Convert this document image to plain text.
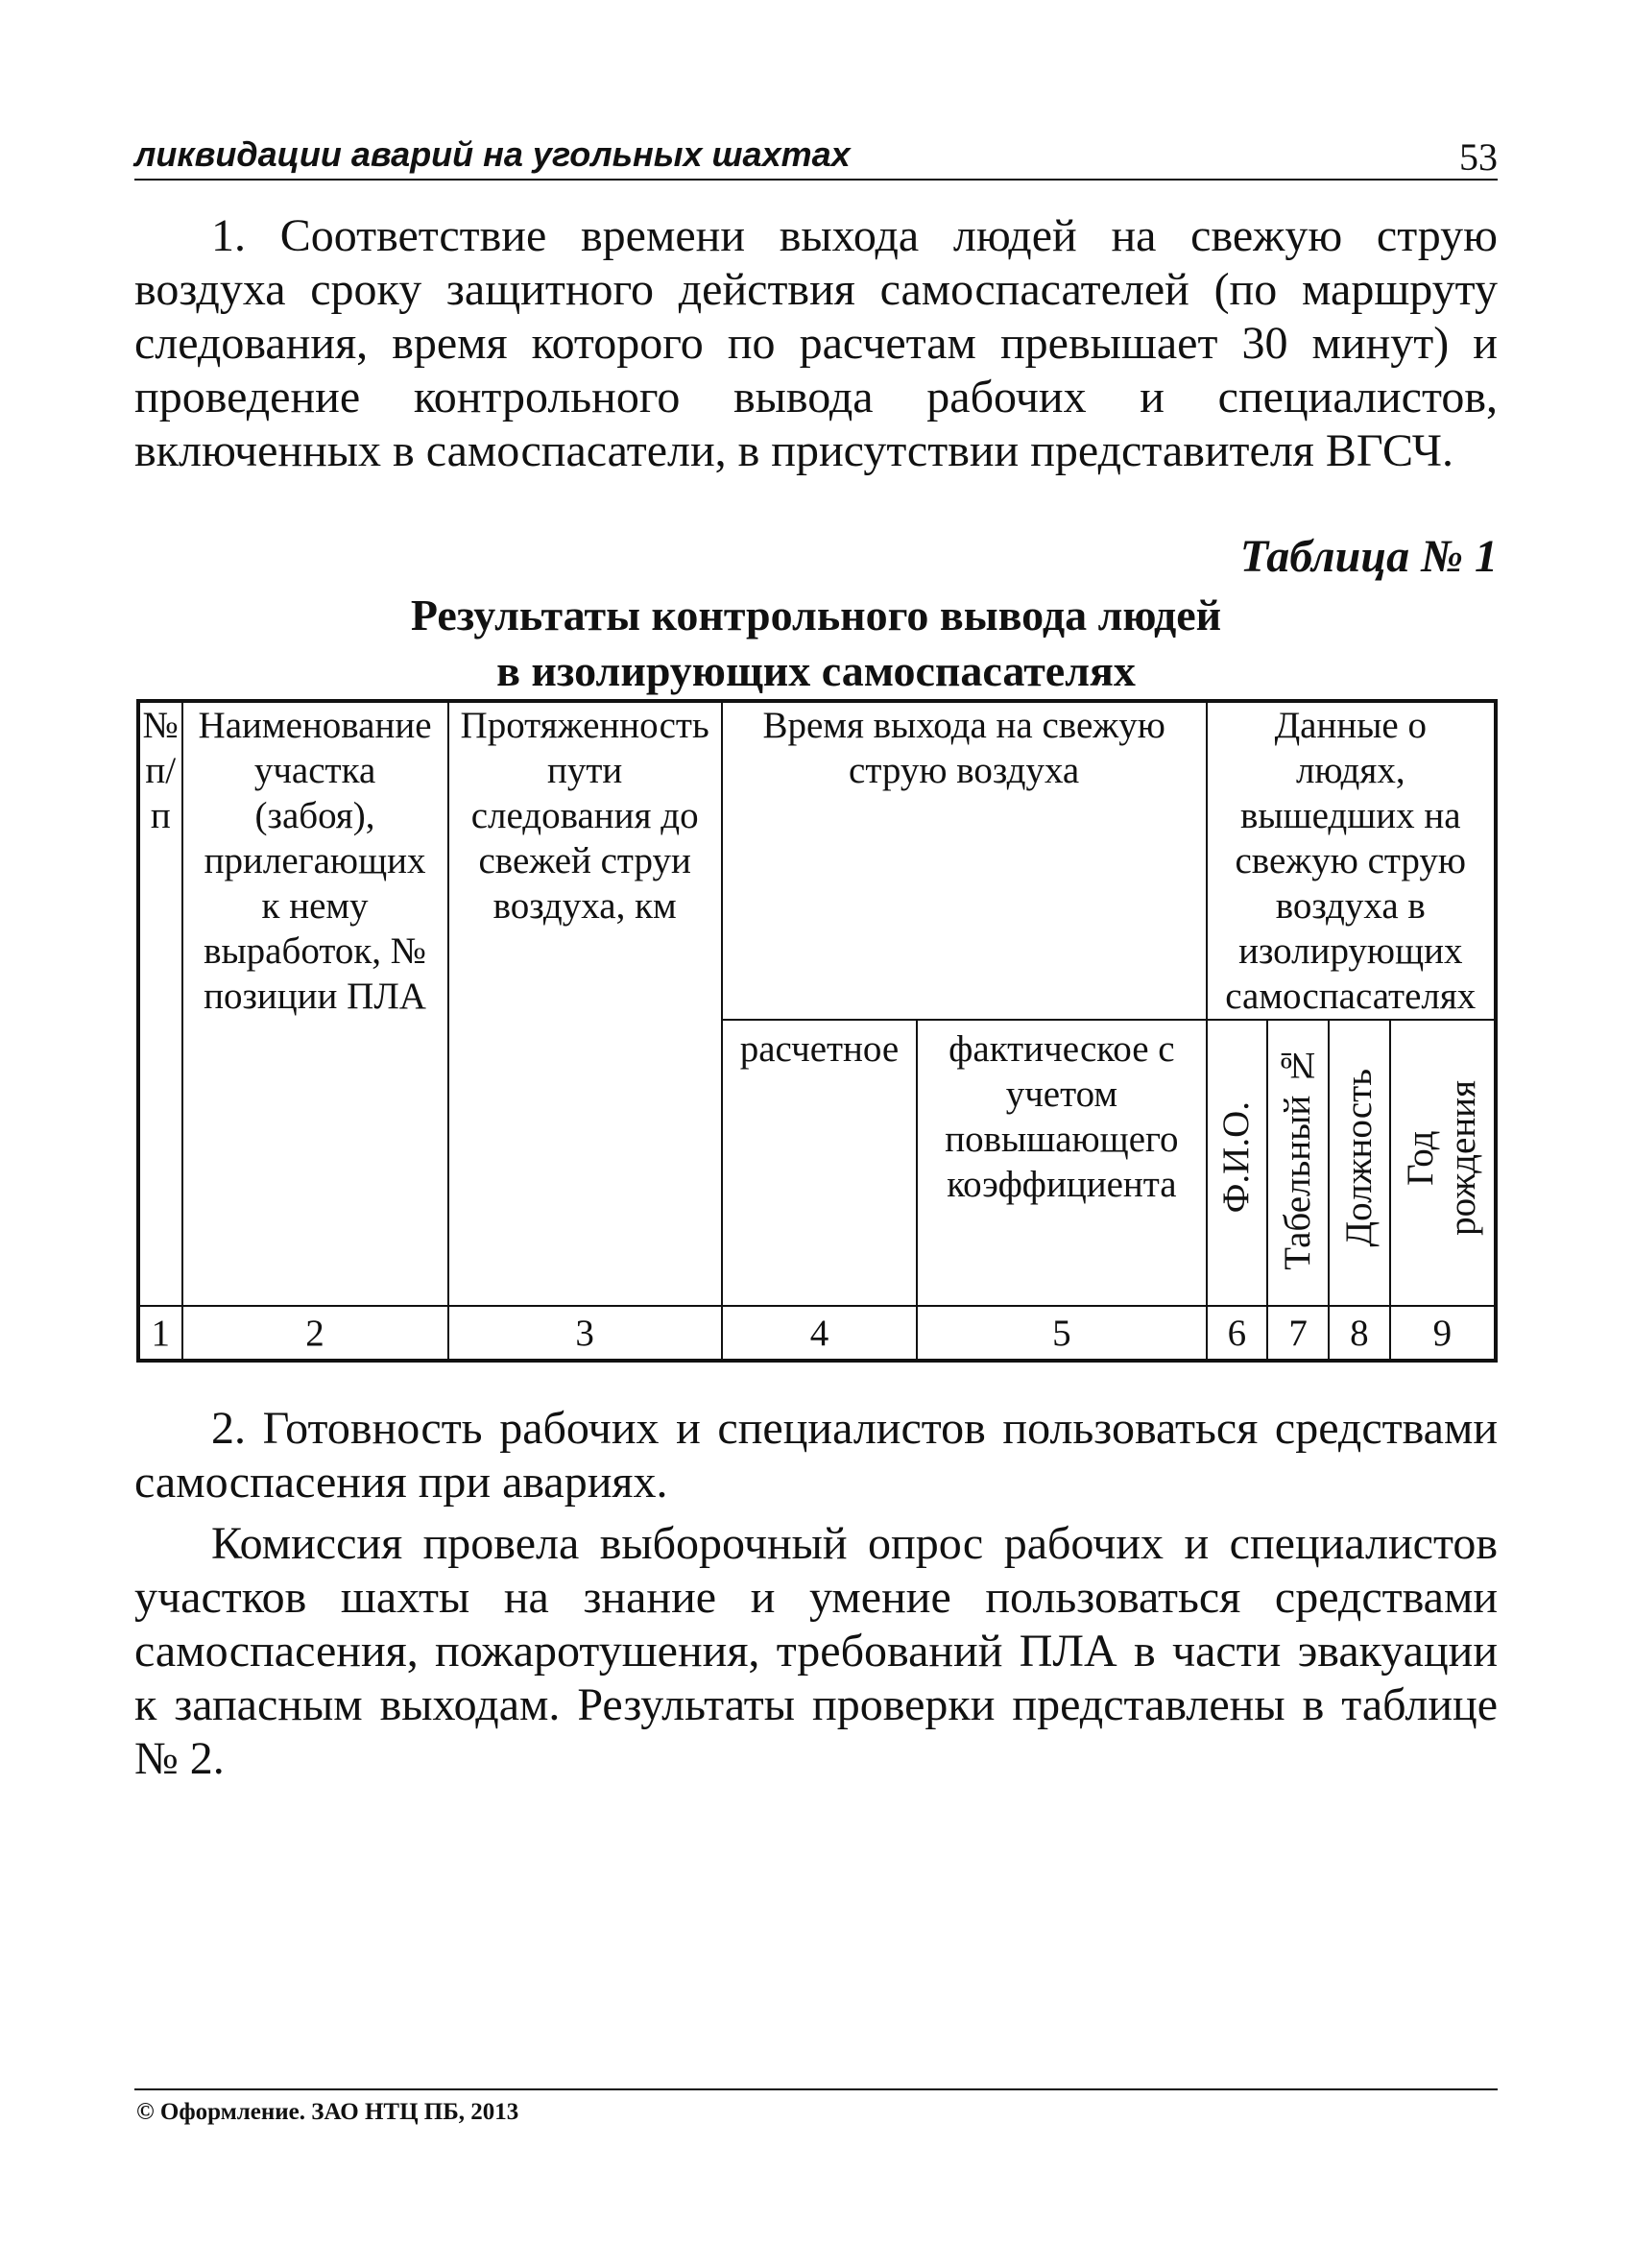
ликвидации аварий на угольных шахтах	53

1. Соответствие времени выхода людей на свежую струю воздуха сроку защитного действия самоспасателей (по маршруту следования, время которого по расчетам превышает 30 минут) и проведение контрольного вывода рабочих и специалистов, включенных в самоспасатели, в присутствии представителя ВГСЧ.

Таблица № 1

Результаты контрольного вывода людей
в изолирующих самоспасателях

№ п/п	Наименование участка (забоя), прилегающих к нему выработок, № позиции ПЛА	Протяженность пути следования до свежей струи воздуха, км	Время выхода на свежую струю воздуха		Данные о людях, вышедших на свежую струю воздуха в изолирующих самоспасателях			
			расчетное	фактическое с учетом повышающего коэффициента	Ф.И.О.	Табельный №	Должность	Год
рождения
1	2	3	4	5	6	7	8	9

2. Готовность рабочих и специалистов пользоваться средствами самоспасения при авариях.

Комиссия провела выборочный опрос рабочих и специалистов участков шахты на знание и умение пользоваться средствами самоспасения, пожаротушения, требований ПЛА в части эвакуации к запасным выходам. Результаты проверки представлены в таблице № 2.

© Оформление. ЗАО НТЦ ПБ, 2013
